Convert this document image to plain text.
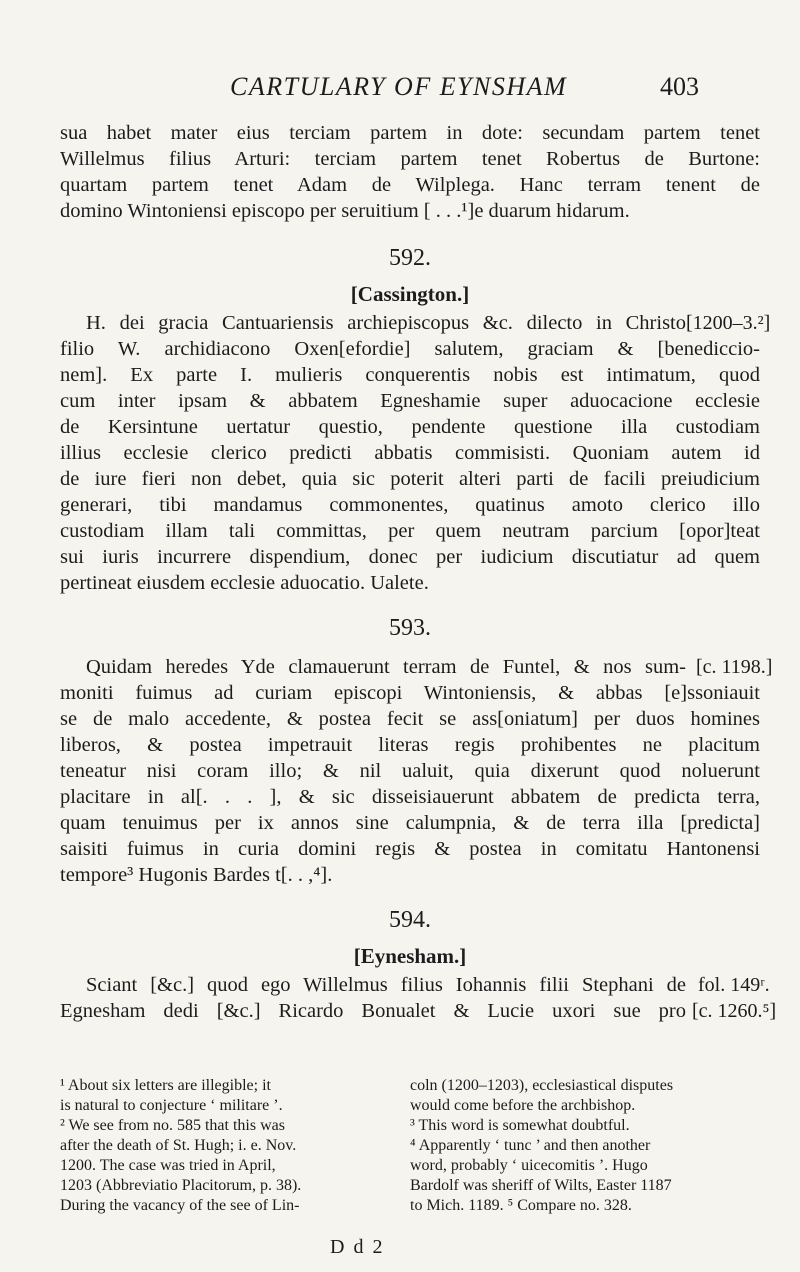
CARTULARY OF EYNSHAM	403
sua habet mater eius terciam partem in dote: secundam partem tenet
Willelmus filius Arturi: terciam partem tenet Robertus de Burtone:
quartam partem tenet Adam de Wilplega. Hanc terram tenent de
domino Wintoniensi episcopo per seruitium [ . . .¹]e duarum hidarum.
592.
[Cassington.]
H. dei gracia Cantuariensis archiepiscopus &c. dilecto in Christo [1200–3.²]
filio W. archidiacono Oxen[efordie] salutem, graciam & [benediccio-
nem]. Ex parte I. mulieris conquerentis nobis est intimatum, quod
cum inter ipsam & abbatem Egneshamie super aduocacione ecclesie
de Kersintune uertatur questio, pendente questione illa custodiam
illius ecclesie clerico predicti abbatis commisisti. Quoniam autem id
de iure fieri non debet, quia sic poterit alteri parti de facili preiudicium
generari, tibi mandamus commonentes, quatinus amoto clerico illo
custodiam illam tali committas, per quem neutram parcium [opor]teat
sui iuris incurrere dispendium, donec per iudicium discutiatur ad quem
pertineat eiusdem ecclesie aduocatio. Ualete.
593.
Quidam heredes Yde clamauerunt terram de Funtel, & nos sum- [c. 1198.]
moniti fuimus ad curiam episcopi Wintoniensis, & abbas [e]ssoniauit
se de malo accedente, & postea fecit se ass[oniatum] per duos homines
liberos, & postea impetrauit literas regis prohibentes ne placitum
teneatur nisi coram illo; & nil ualuit, quia dixerunt quod noluerunt
placitare in al[. . . ], & sic disseisiauerunt abbatem de predicta terra,
quam tenuimus per ix annos sine calumpnia, & de terra illa [predicta]
saisiti fuimus in curia domini regis & postea in comitatu Hantonensi
tempore³ Hugonis Bardes t[. . ,⁴].
594.
[Eynesham.]
Sciant [&c.] quod ego Willelmus filius Iohannis filii Stephani de fol. 149ʳ.
Egnesham dedi [&c.] Ricardo Bonualet & Lucie uxori sue pro [c. 1260.⁵]
¹ About six letters are illegible; it
is natural to conjecture ‘ militare ’.
² We see from no. 585 that this was
after the death of St. Hugh; i. e. Nov.
1200. The case was tried in April,
1203 (Abbreviatio Placitorum, p. 38).
During the vacancy of the see of Lin-
coln (1200–1203), ecclesiastical disputes
would come before the archbishop.
³ This word is somewhat doubtful.
⁴ Apparently ‘ tunc ’ and then another
word, probably ‘ uicecomitis ’. Hugo
Bardolf was sheriff of Wilts, Easter 1187
to Mich. 1189. ⁵ Compare no. 328.
D d 2
